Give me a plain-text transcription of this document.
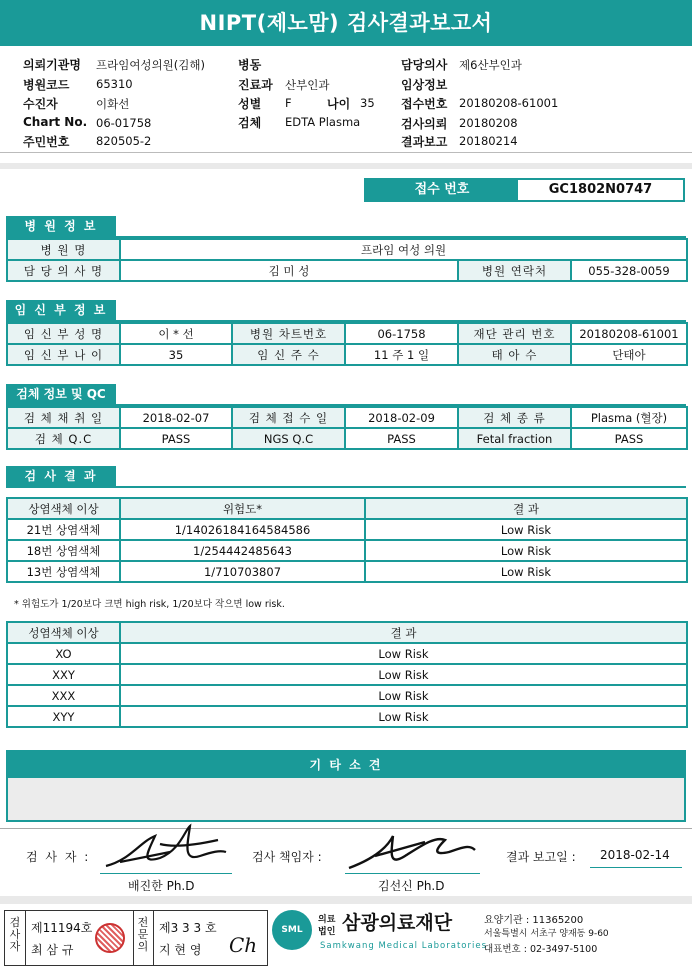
NIPT(제노맘) 검사결과보고서
의뢰기관명 프라임여성의원(김해)
병원코드 65310
수진자	이화선
Chart No. 06-01758
주민번호 820505-2
병동
진료과 산부인과
성별 F	나이 35
검체 EDTA Plasma
담당의사 제6산부인과
임상정보
접수번호 20180208-61001
검사의뢰 20180208
결과보고 20180214
접수 번호	GC1802N0747
병 원 정 보
병 원 명	프라임 여성 의원		
담 당 의 사 명	김 미 성	병원 연락처	055-328-0059
임 신 부 정 보
임 신 부 성 명	이 * 선	병원 차트번호	06-1758	재단 관리 번호	20180208-61001
임 신 부 나 이	35	임 신 주 수	11 주 1 일	태 아 수	단태아
검체 정보 및 QC
검 체 채 취 일	2018-02-07	검 체 접 수 일	2018-02-09	검 체 종 류	Plasma (혈장)
검 체 Q.C	PASS	NGS Q.C	PASS	Fetal fraction	PASS
검 사 결 과
상염색체 이상	위험도*	결 과
21번 상염색체	1/14026184164584586	Low Risk
18번 상염색체	1/254442485643	Low Risk
13번 상염색체	1/710703807	Low Risk
* 위험도가 1/20보다 크면 high risk, 1/20보다 작으면 low risk.
성염색체 이상	결 과
XO	Low Risk
XXY	Low Risk
XXX	Low Risk
XYY	Low Risk
기 타 소 견
검 사 자 :
배진한 Ph.D
검사 책임자 :
김선신 Ph.D
결과 보고일 : 2018-02-14
검사자
제11194호
최 삼 규
전문의
제3 3 3 호
지 현 영 Ch
SML
의료
법인 삼광의료재단
Samkwang Medical Laboratories
요양기관 : 11365200
서울특별시 서초구 양재동 9-60
대표번호 : 02-3497-5100
